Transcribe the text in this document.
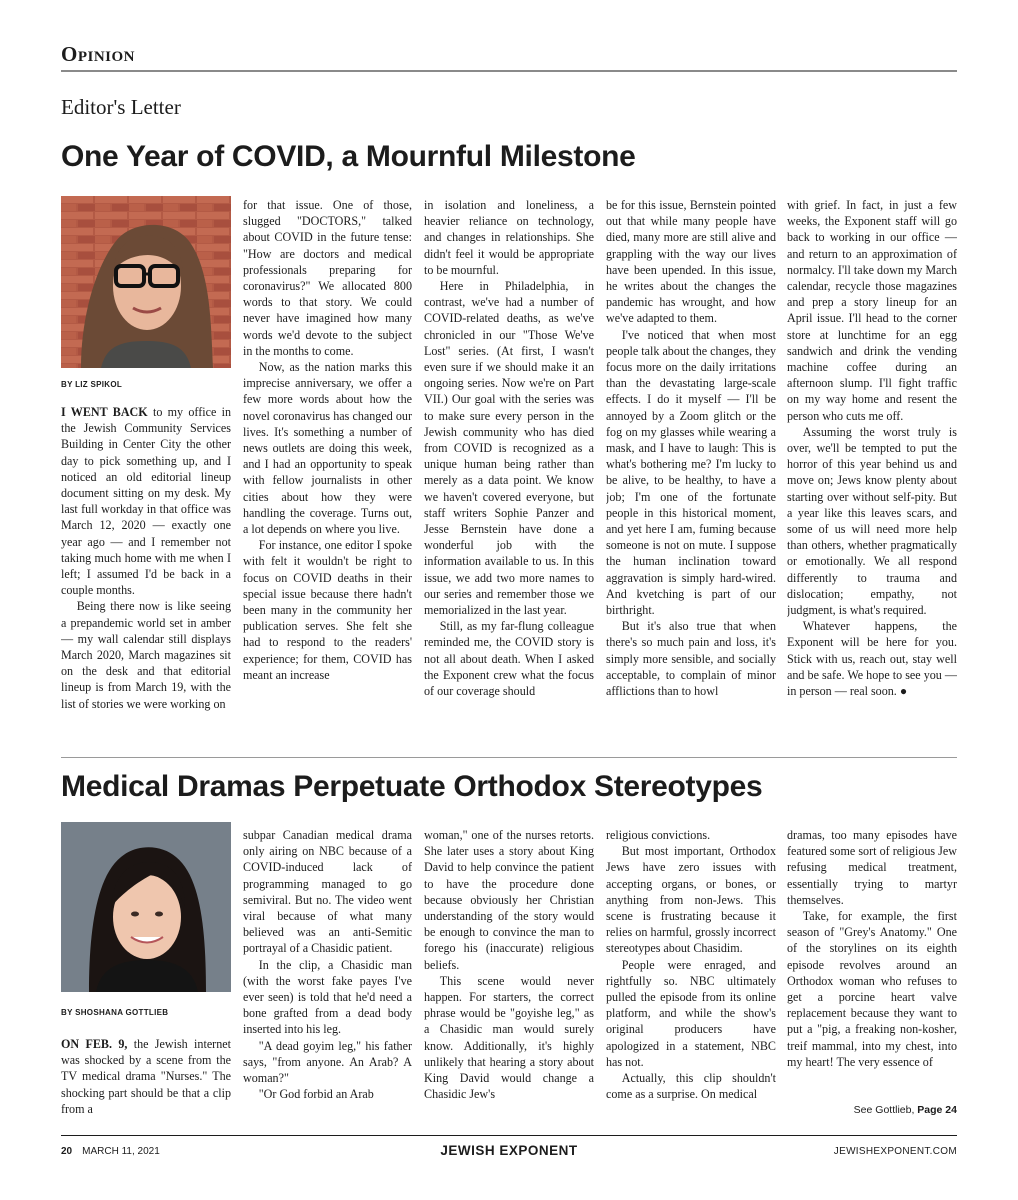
Opinion
Editor's Letter
One Year of COVID, a Mournful Milestone
BY LIZ SPIKOL

I WENT BACK to my office in the Jewish Community Services Building in Center City the other day to pick something up, and I noticed an old editorial lineup document sitting on my desk. My last full workday in that office was March 12, 2020 — exactly one year ago — and I remember not taking much home with me when I left; I assumed I'd be back in a couple months.

Being there now is like seeing a prepandemic world set in amber — my wall calendar still displays March 2020, March magazines sit on the desk and that editorial lineup is from March 19, with the list of stories we were working on

for that issue. One of those, slugged "DOCTORS," talked about COVID in the future tense: "How are doctors and medical professionals preparing for coronavirus?" We allocated 800 words to that story. We could never have imagined how many words we'd devote to the subject in the months to come.

Now, as the nation marks this imprecise anniversary, we offer a few more words about how the novel coronavirus has changed our lives. It's something a number of news outlets are doing this week, and I had an opportunity to speak with fellow journalists in other cities about how they were handling the coverage. Turns out, a lot depends on where you live.

For instance, one editor I spoke with felt it wouldn't be right to focus on COVID deaths in their special issue because there hadn't been many in the community her publication serves. She felt she had to respond to the readers' experience; for them, COVID has meant an increase

in isolation and loneliness, a heavier reliance on technology, and changes in relationships. She didn't feel it would be appropriate to be mournful.

Here in Philadelphia, in contrast, we've had a number of COVID-related deaths, as we've chronicled in our "Those We've Lost" series. (At first, I wasn't even sure if we should make it an ongoing series. Now we're on Part VII.) Our goal with the series was to make sure every person in the Jewish community who has died from COVID is recognized as a unique human being rather than merely as a data point. We know we haven't covered everyone, but staff writers Sophie Panzer and Jesse Bernstein have done a wonderful job with the information available to us. In this issue, we add two more names to our series and remember those we memorialized in the last year.

Still, as my far-flung colleague reminded me, the COVID story is not all about death. When I asked the Exponent crew what the focus of our coverage should

be for this issue, Bernstein pointed out that while many people have died, many more are still alive and grappling with the way our lives have been upended. In this issue, he writes about the changes the pandemic has wrought, and how we've adapted to them.

I've noticed that when most people talk about the changes, they focus more on the daily irritations than the devastating large-scale effects. I do it myself — I'll be annoyed by a Zoom glitch or the fog on my glasses while wearing a mask, and I have to laugh: This is what's bothering me? I'm lucky to be alive, to be healthy, to have a job; I'm one of the fortunate people in this historical moment, and yet here I am, fuming because someone is not on mute. I suppose the human inclination toward aggravation is simply hard-wired. And kvetching is part of our birthright.

But it's also true that when there's so much pain and loss, it's simply more sensible, and socially acceptable, to complain of minor afflictions than to howl

with grief. In fact, in just a few weeks, the Exponent staff will go back to working in our office — and return to an approximation of normalcy. I'll take down my March calendar, recycle those magazines and prep a story lineup for an April issue. I'll head to the corner store at lunchtime for an egg sandwich and drink the vending machine coffee during an afternoon slump. I'll fight traffic on my way home and resent the person who cuts me off.

Assuming the worst truly is over, we'll be tempted to put the horror of this year behind us and move on; Jews know plenty about starting over without self-pity. But a year like this leaves scars, and some of us will need more help than others, whether pragmatically or emotionally. We all respond differently to trauma and dislocation; empathy, not judgment, is what's required.

Whatever happens, the Exponent will be here for you. Stick with us, reach out, stay well and be safe. We hope to see you — in person — real soon. ●

Medical Dramas Perpetuate Orthodox Stereotypes
BY SHOSHANA GOTTLIEB

ON FEB. 9, the Jewish internet was shocked by a scene from the TV medical drama "Nurses." The shocking part should be that a clip from a

subpar Canadian medical drama only airing on NBC because of a COVID-induced lack of programming managed to go semiviral. But no. The video went viral because of what many believed was an anti-Semitic portrayal of a Chasidic patient.

In the clip, a Chasidic man (with the worst fake payes I've ever seen) is told that he'd need a bone grafted from a dead body inserted into his leg.

"A dead goyim leg," his father says, "from anyone. An Arab? A woman?"

"Or God forbid an Arab

woman," one of the nurses retorts. She later uses a story about King David to help convince the patient to have the procedure done because obviously her Christian understanding of the story would be enough to convince the man to forego his (inaccurate) religious beliefs.

This scene would never happen. For starters, the correct phrase would be "goyishe leg," as a Chasidic man would surely know. Additionally, it's highly unlikely that hearing a story about King David would change a Chasidic Jew's

religious convictions.

But most important, Orthodox Jews have zero issues with accepting organs, or bones, or anything from non-Jews. This scene is frustrating because it relies on harmful, grossly incorrect stereotypes about Chasidim.

People were enraged, and rightfully so. NBC ultimately pulled the episode from its online platform, and while the show's original producers have apologized in a statement, NBC has not.

Actually, this clip shouldn't come as a surprise. On medical

dramas, too many episodes have featured some sort of religious Jew refusing medical treatment, essentially trying to martyr themselves.

Take, for example, the first season of "Grey's Anatomy." One of the storylines on its eighth episode revolves around an Orthodox woman who refuses to get a porcine heart valve replacement because they want to put a "pig, a freaking non-kosher, treif mammal, into my chest, into my heart! The very essence of

See Gottlieb, Page 24
20 MARCH 11, 2021	JEWISH EXPONENT	JEWISHEXPONENT.COM
